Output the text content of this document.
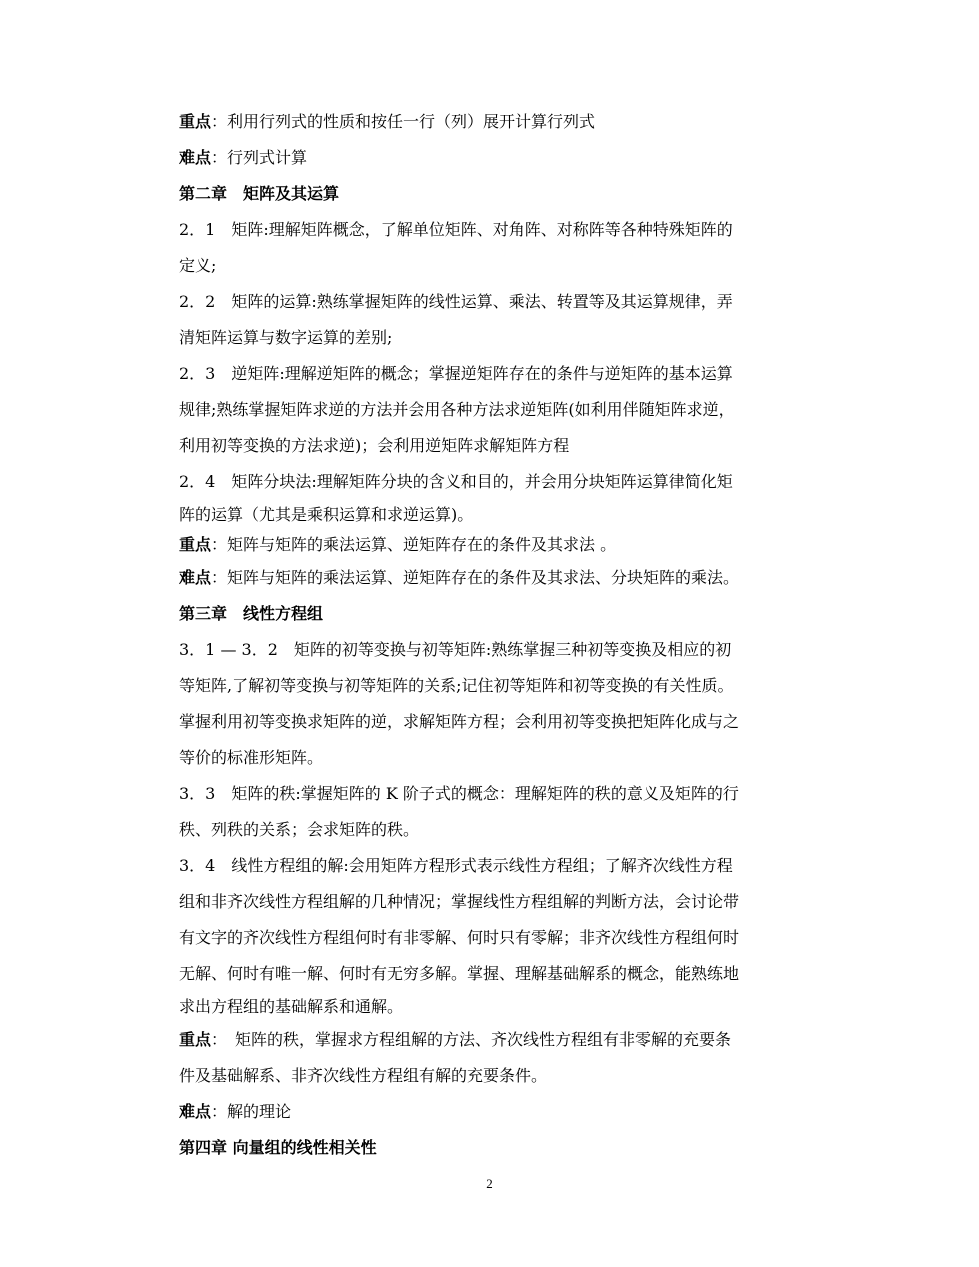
重点：利用行列式的性质和按任一行（列）展开计算行列式
难点：行列式计算
第二章　矩阵及其运算
2．1　矩阵:理解矩阵概念，了解单位矩阵、对角阵、对称阵等各种特殊矩阵的
定义;
2．2　矩阵的运算:熟练掌握矩阵的线性运算、乘法、转置等及其运算规律，弄
清矩阵运算与数字运算的差别;
2．3　逆矩阵:理解逆矩阵的概念；掌握逆矩阵存在的条件与逆矩阵的基本运算
规律;熟练掌握矩阵求逆的方法并会用各种方法求逆矩阵(如利用伴随矩阵求逆，
利用初等变换的方法求逆)；会利用逆矩阵求解矩阵方程
2．4　矩阵分块法:理解矩阵分块的含义和目的，并会用分块矩阵运算律简化矩
阵的运算（尤其是乘积运算和求逆运算)。
重点：矩阵与矩阵的乘法运算、逆矩阵存在的条件及其求法 。
难点：矩阵与矩阵的乘法运算、逆矩阵存在的条件及其求法、分块矩阵的乘法。
第三章　线性方程组
3．1 — 3．2　矩阵的初等变换与初等矩阵:熟练掌握三种初等变换及相应的初
等矩阵,了解初等变换与初等矩阵的关系;记住初等矩阵和初等变换的有关性质。
掌握利用初等变换求矩阵的逆，求解矩阵方程；会利用初等变换把矩阵化成与之
等价的标准形矩阵。
3．3　矩阵的秩:掌握矩阵的 K 阶子式的概念：理解矩阵的秩的意义及矩阵的行
秩、列秩的关系；会求矩阵的秩。
3．4　线性方程组的解:会用矩阵方程形式表示线性方程组；了解齐次线性方程
组和非齐次线性方程组解的几种情况；掌握线性方程组解的判断方法，会讨论带
有文字的齐次线性方程组何时有非零解、何时只有零解；非齐次线性方程组何时
无解、何时有唯一解、何时有无穷多解。掌握、理解基础解系的概念，能熟练地
求出方程组的基础解系和通解。
重点：　矩阵的秩，掌握求方程组解的方法、齐次线性方程组有非零解的充要条
件及基础解系、非齐次线性方程组有解的充要条件。
难点：解的理论
第四章 向量组的线性相关性
2
